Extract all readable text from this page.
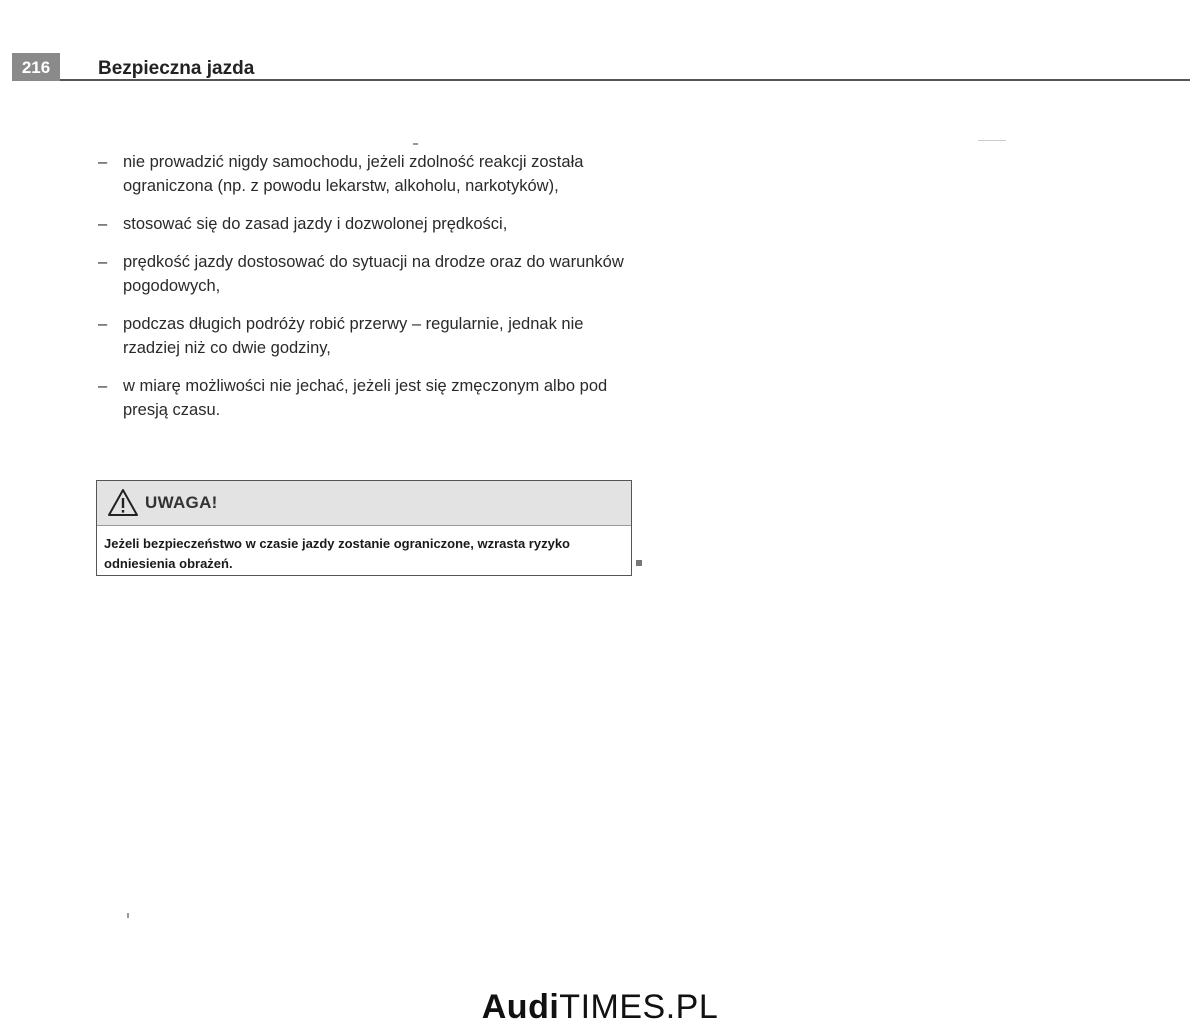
216	Bezpieczna jazda
– nie prowadzić nigdy samochodu, jeżeli zdolność reakcji została ograniczona (np. z powodu lekarstw, alkoholu, narkotyków),
– stosować się do zasad jazdy i dozwolonej prędkości,
– prędkość jazdy dostosować do sytuacji na drodze oraz do warunków pogodowych,
– podczas długich podróży robić przerwy – regularnie, jednak nie rzadziej niż co dwie godziny,
– w miarę możliwości nie jechać, jeżeli jest się zmęczonym albo pod presją czasu.
UWAGA!
Jeżeli bezpieczeństwo w czasie jazdy zostanie ograniczone, wzrasta ryzyko odniesienia obrażeń.
AudiTIMES.PL
